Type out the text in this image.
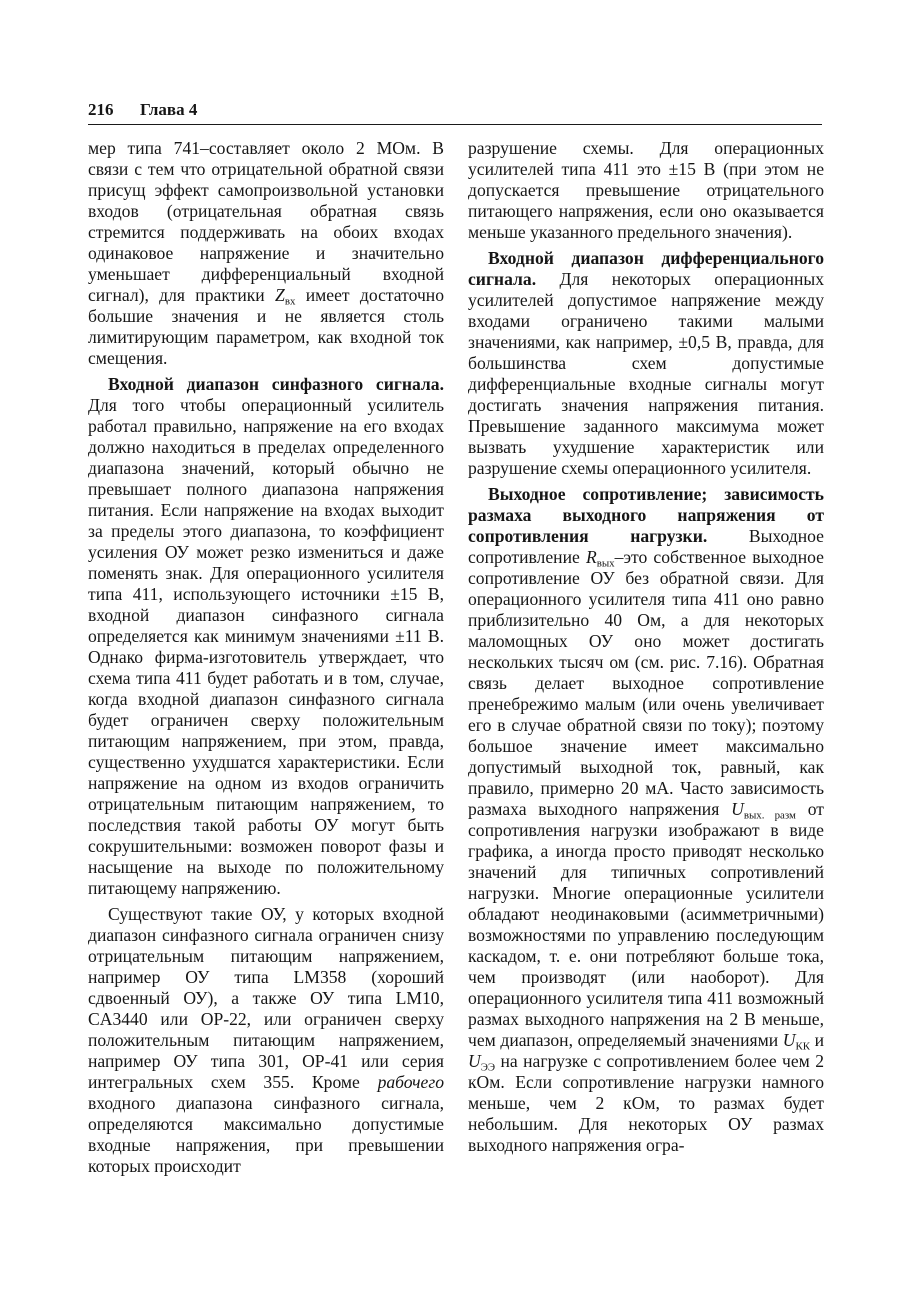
216 Глава 4

мер типа 741–составляет около 2 МОм. В связи с тем что отрицательной обратной связи присущ эффект самопроизвольной установки входов (отрицательная обратная связь стремится поддерживать на обоих входах одинаковое напряжение и значительно уменьшает дифференциальный входной сигнал), для практики $Z_{вх}$ имеет достаточно большие значения и не является столь лимитирующим параметром, как входной ток смещения.

Входной диапазон синфазного сигнала. Для того чтобы операционный усилитель работал правильно, напряжение на его входах должно находиться в пределах определенного диапазона значений, который обычно не превышает полного диапазона напряжения питания. Если напряжение на входах выходит за пределы этого диапазона, то коэффициент усиления ОУ может резко измениться и даже поменять знак. Для операционного усилителя типа 411, использующего источники ±15 В, входной диапазон синфазного сигнала определяется как минимум значениями ±11 В. Однако фирма-изготовитель утверждает, что схема типа 411 будет работать и в том, случае, когда входной диапазон синфазного сигнала будет ограничен сверху положительным питающим напряжением, при этом, правда, существенно ухудшатся характеристики. Если напряжение на одном из входов ограничить отрицательным питающим напряжением, то последствия такой работы ОУ могут быть сокрушительными: возможен поворот фазы и насыщение на выходе по положительному питающему напряжению.

Существуют такие ОУ, у которых входной диапазон синфазного сигнала ограничен снизу отрицательным питающим напряжением, например ОУ типа LM358 (хороший сдвоенный ОУ), а также ОУ типа LM10, CA3440 или OP-22, или ограничен сверху положительным питающим напряжением, например ОУ типа 301, OP-41 или серия интегральных схем 355. Кроме рабочего входного диапазона синфазного сигнала, определяются максимально допустимые входные напряжения, при превышении которых происходит

разрушение схемы. Для операционных усилителей типа 411 это ±15 В (при этом не допускается превышение отрицательного питающего напряжения, если оно оказывается меньше указанного предельного значения).

Входной диапазон дифференциального сигнала. Для некоторых операционных усилителей допустимое напряжение между входами ограничено такими малыми значениями, как например, ±0,5 В, правда, для большинства схем допустимые дифференциальные входные сигналы могут достигать значения напряжения питания. Превышение заданного максимума может вызвать ухудшение характеристик или разрушение схемы операционного усилителя.

Выходное сопротивление; зависимость размаха выходного напряжения от сопротивления нагрузки. Выходное сопротивление $R_{вых}$–это собственное выходное сопротивление ОУ без обратной связи. Для операционного усилителя типа 411 оно равно приблизительно 40 Ом, а для некоторых маломощных ОУ оно может достигать нескольких тысяч ом (см. рис. 7.16). Обратная связь делает выходное сопротивление пренебрежимо малым (или очень увеличивает его в случае обратной связи по току); поэтому большое значение имеет максимально допустимый выходной ток, равный, как правило, примерно 20 мА. Часто зависимость размаха выходного напряжения $U_{вых. разм}$ от сопротивления нагрузки изображают в виде графика, а иногда просто приводят несколько значений для типичных сопротивлений нагрузки. Многие операционные усилители обладают неодинаковыми (асимметричными) возможностями по управлению последующим каскадом, т. е. они потребляют больше тока, чем производят (или наоборот). Для операционного усилителя типа 411 возможный размах выходного напряжения на 2 В меньше, чем диапазон, определяемый значениями $U_{КК}$ и $U_{ЭЭ}$ на нагрузке с сопротивлением более чем 2 кОм. Если сопротивление нагрузки намного меньше, чем 2 кОм, то размах будет небольшим. Для некоторых ОУ размах выходного напряжения огра-
